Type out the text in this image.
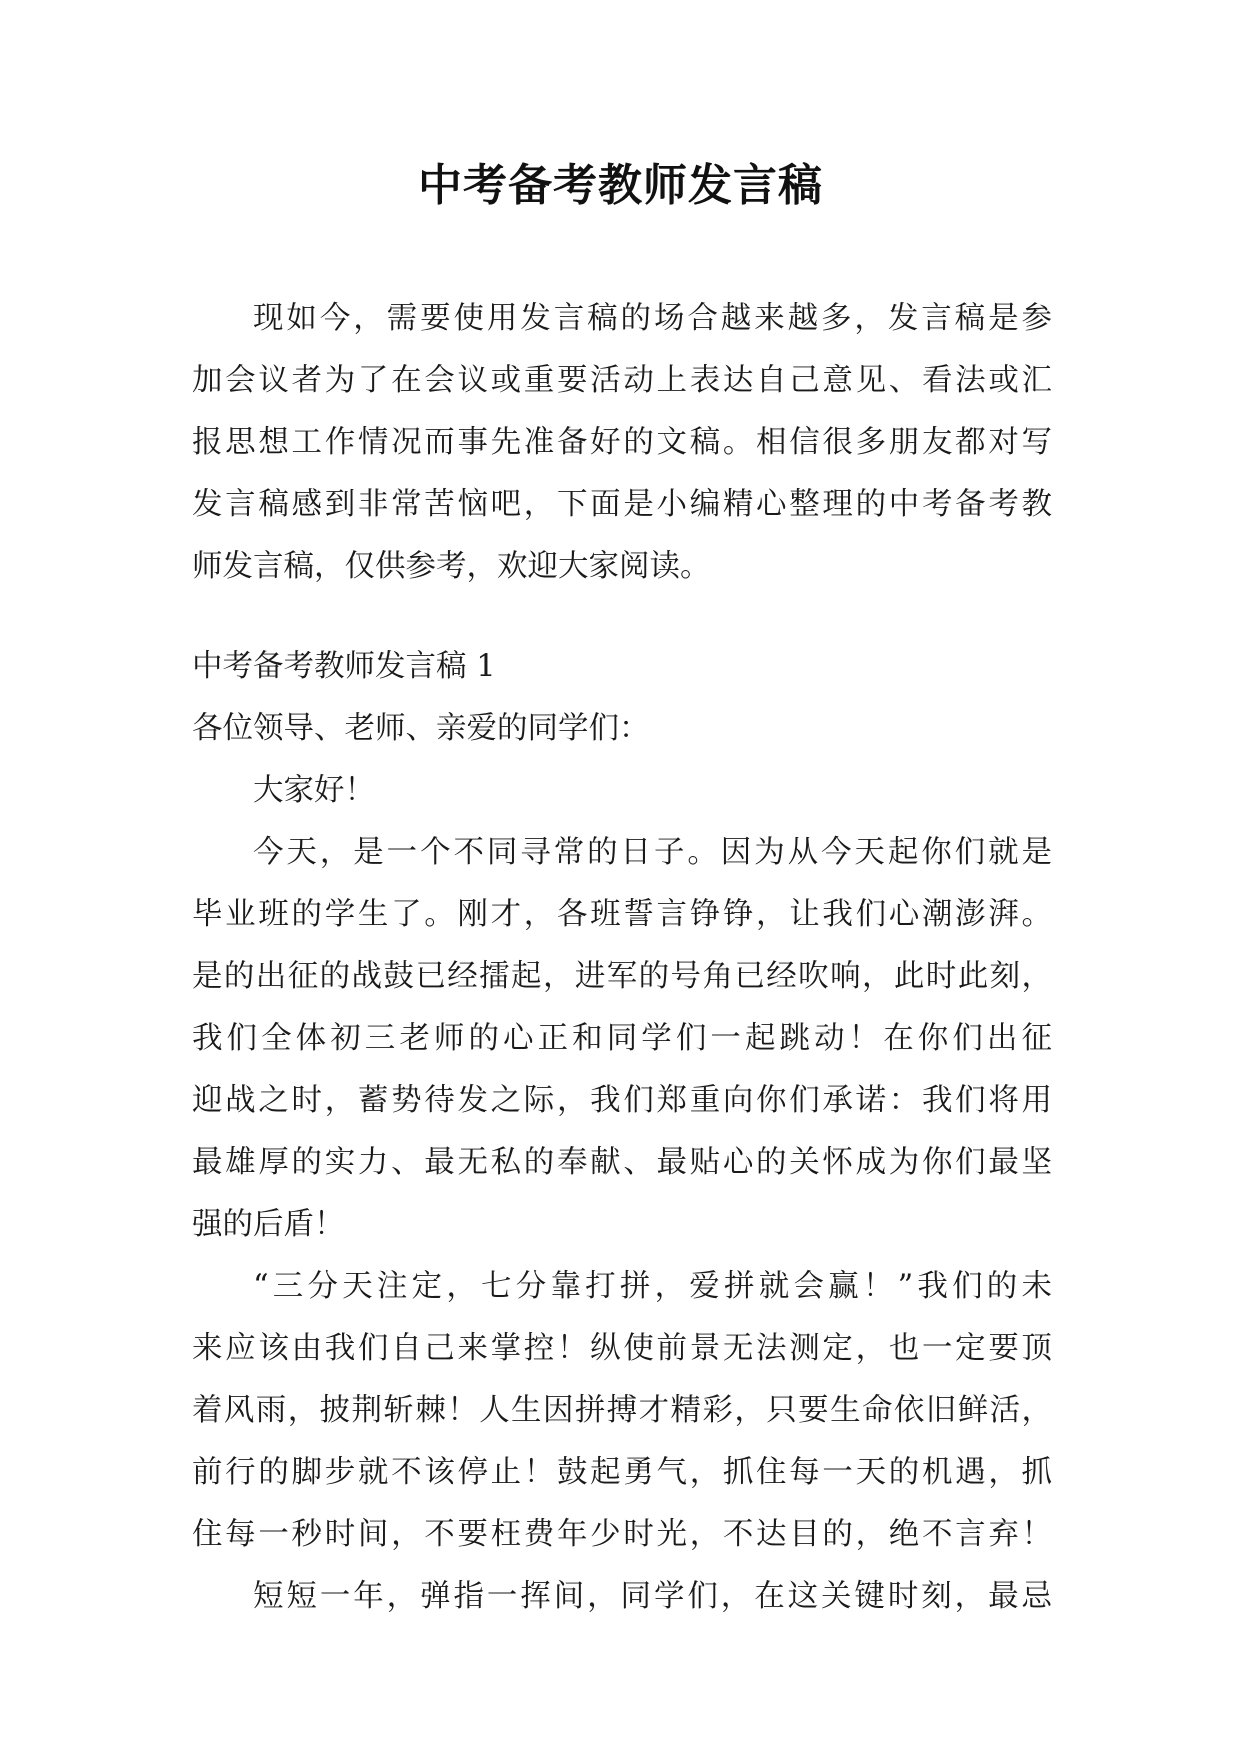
中考备考教师发言稿
现如今，需要使用发言稿的场合越来越多，发言稿是参
加会议者为了在会议或重要活动上表达自己意见、看法或汇
报思想工作情况而事先准备好的文稿。相信很多朋友都对写
发言稿感到非常苦恼吧，下面是小编精心整理的中考备考教
师发言稿，仅供参考，欢迎大家阅读。
中考备考教师发言稿 1
各位领导、老师、亲爱的同学们：
大家好！
今天，是一个不同寻常的日子。因为从今天起你们就是
毕业班的学生了。刚才，各班誓言铮铮，让我们心潮澎湃。
是的出征的战鼓已经擂起，进军的号角已经吹响，此时此刻，
我们全体初三老师的心正和同学们一起跳动！在你们出征
迎战之时，蓄势待发之际，我们郑重向你们承诺：我们将用
最雄厚的实力、最无私的奉献、最贴心的关怀成为你们最坚
强的后盾！
“三分天注定，七分靠打拼，爱拼就会赢！”我们的未
来应该由我们自己来掌控！纵使前景无法测定，也一定要顶
着风雨，披荆斩棘！人生因拼搏才精彩，只要生命依旧鲜活，
前行的脚步就不该停止！鼓起勇气，抓住每一天的机遇，抓
住每一秒时间，不要枉费年少时光，不达目的，绝不言弃！
短短一年，弹指一挥间，同学们，在这关键时刻，最忌
